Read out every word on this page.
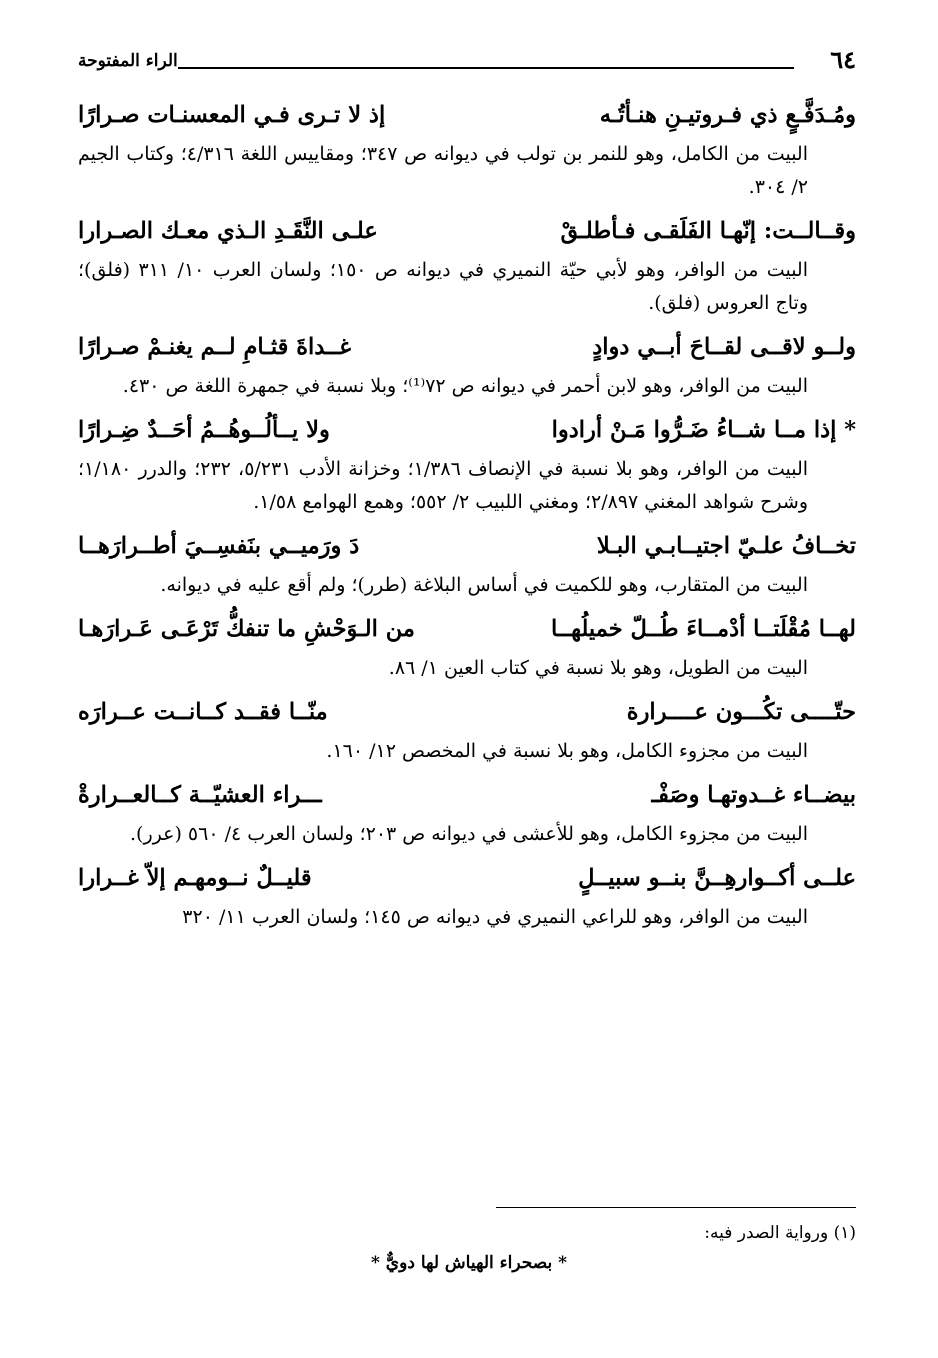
٦٤
الراء المفتوحة
ومُـدَفَّـعٍ ذي فـروتيـنِ هنـأتُـه
إذ لا تـرى فـي المعسنـات صـرارًا

البيت من الكامل، وهو للنمر بن تولب في ديوانه ص ٣٤٧؛ ومقاييس اللغة ٤/٣١٦؛ وكتاب الجيم ٢/ ٣٠٤.

وقــالــت: إنّهـا الفَلَقـى فـأطلـقْ
علـى النَّقَـدِ الـذي معـك الصـرارا

البيت من الوافر، وهو لأبي حيّة النميري في ديوانه ص ١٥٠؛ ولسان العرب ١٠/ ٣١١ (فلق)؛ وتاج العروس (فلق).

ولــو لاقــى لقــاحَ أبــي دوادٍ
غــداةَ قثـامِ لــم يغنـمْ صـرارًا

البيت من الوافر، وهو لابن أحمر في ديوانه ص ٧٢⁽¹⁾؛ وبلا نسبة في جمهرة اللغة ص ٤٣٠.

* إذا مــا شــاءُ ضَـرُّوا مَـنْ أرادوا
ولا يــألُــوهُــمُ أحَــدٌ ضِـرارًا

البيت من الوافر، وهو بلا نسبة في الإنصاف ١/٣٨٦؛ وخزانة الأدب ٥/٢٣١، ٢٣٢؛ والدرر ١/١٨٠؛ وشرح شواهد المغني ٢/٨٩٧؛ ومغني اللبيب ٢/ ٥٥٢؛ وهمع الهوامع ١/٥٨.

تخــافُ علـيّ اجتيــابـي البـلا
دَ ورَميــي بنَفسِــيَ أطــرارَهــا

البيت من المتقارب، وهو للكميت في أساس البلاغة (طرر)؛ ولم أقع عليه في ديوانه.

لهــا مُقْلَتــا أدْمــاءَ طُــلّ خميلُهــا
من الـوَحْشِ ما تنفكُّ تَرْعَـى عَـرارَهـا

البيت من الطويل، وهو بلا نسبة في كتاب العين ١/ ٨٦.

حتّــــى تكُـــون عــــرارة
منّــا فقــد كــانــت عــرارَه

البيت من مجزوء الكامل، وهو بلا نسبة في المخصص ١٢/ ١٦٠.

بيضــاء غــدوتهـا وصَفْـ
ـــراء العشيّــة كــالعــرارةْ

البيت من مجزوء الكامل، وهو للأعشى في ديوانه ص ٢٠٣؛ ولسان العرب ٤/ ٥٦٠ (عرر).

علــى أكــوارهِــنَّ بنــو سبيــلٍ
قليــلٌ نــومهـم إلاّ غــرارا

البيت من الوافر، وهو للراعي النميري في ديوانه ص ١٤٥؛ ولسان العرب ١١/ ٣٢٠

(١) ورواية الصدر فيه:
* بصحراء الهياش لها دويٌّ *
